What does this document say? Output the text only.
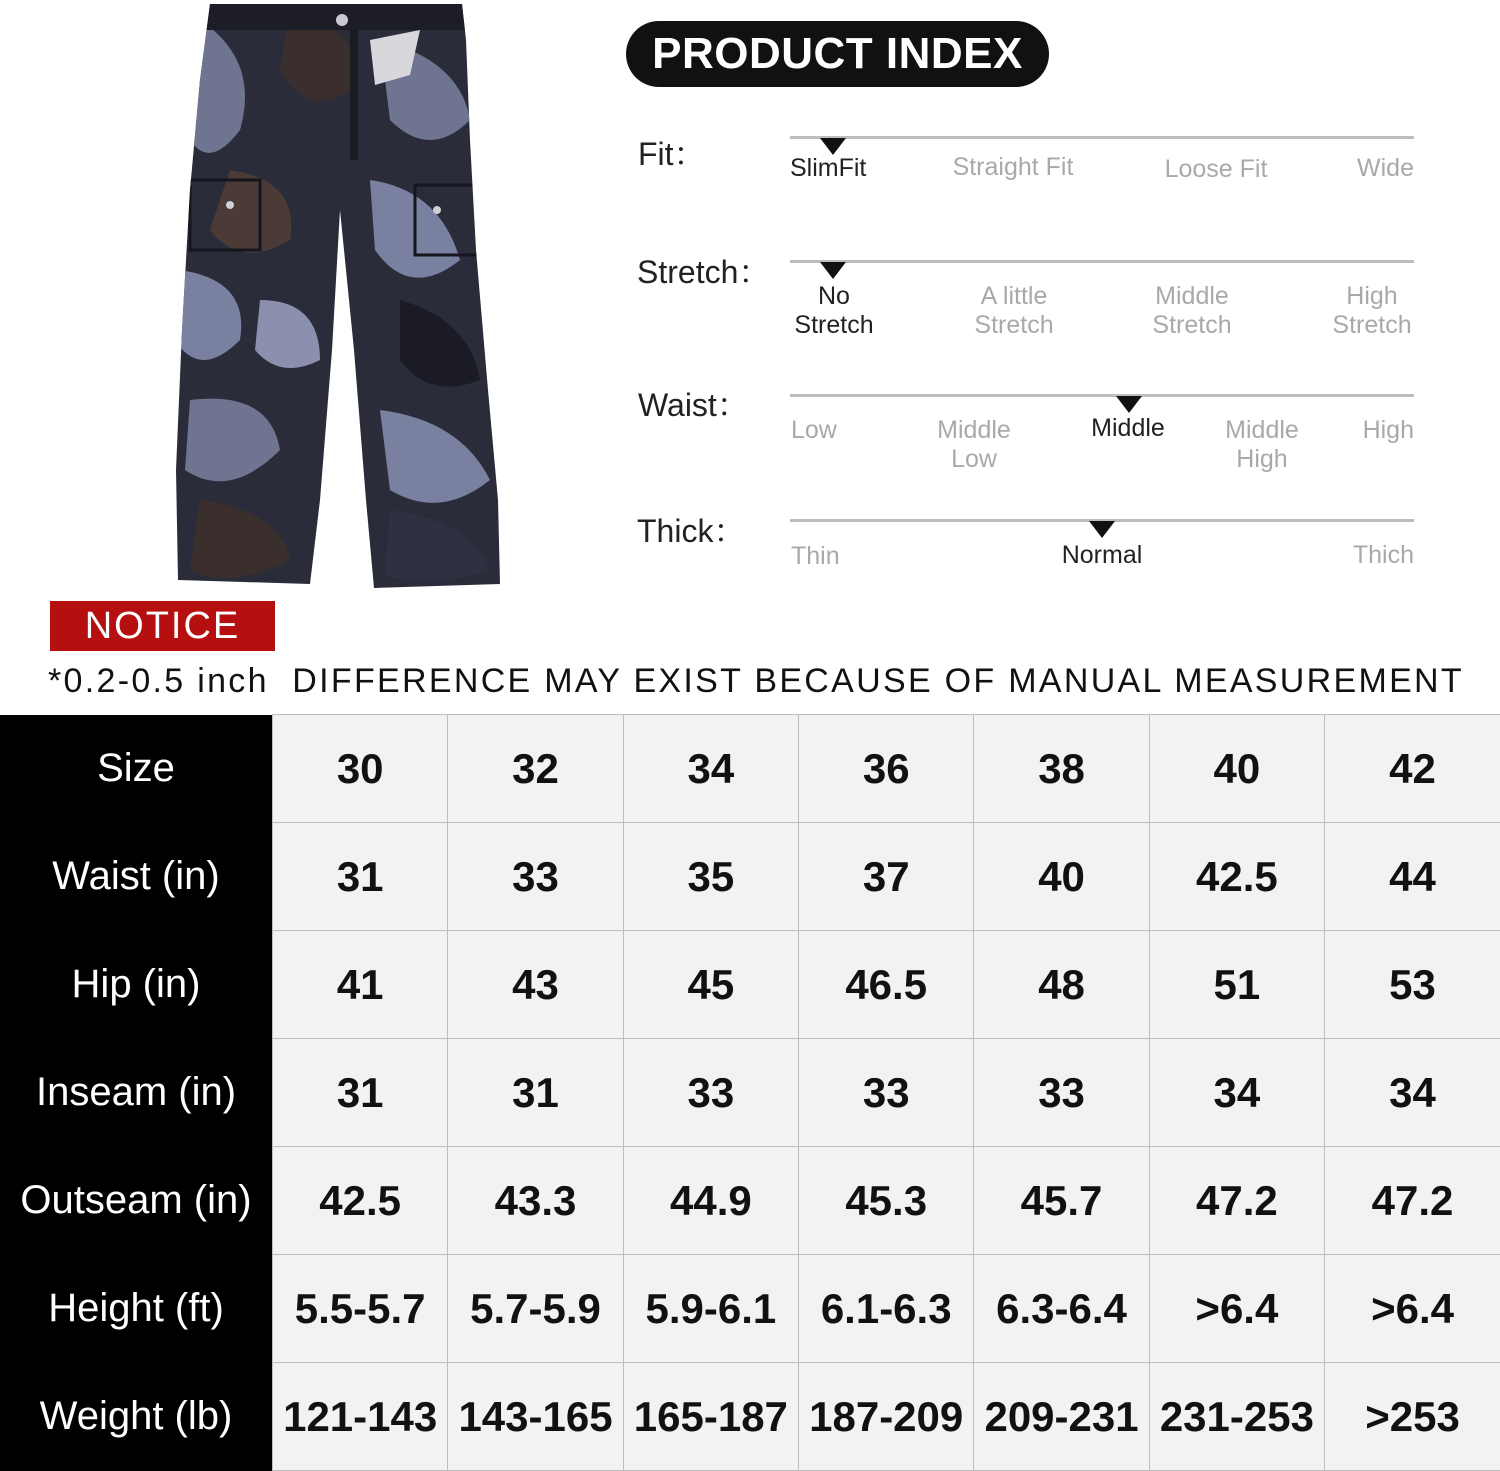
PRODUCT INDEX
Fit：	SlimFit	Straight Fit	Loose Fit	Wide
Stretch：
No
Stretch
A little
Stretch
Middle
Stretch
High
Stretch
Waist：
Low	Middle
Low
Middle Middle
High
High
Thick：
Thin	Normal	Thich
NOTICE
*0.2-0.5 inch  DIFFERENCE MAY EXIST BECAUSE OF MANUAL MEASUREMENT
Size	30	32	34	36	38	40	42
Waist (in)	31	33	35	37	40	42.5	44
Hip (in)	41	43	45	46.5	48	51	53
Inseam (in)	31	31	33	33	33	34	34
Outseam (in)	42.5	43.3	44.9	45.3	45.7	47.2	47.2
Height (ft)	5.5-5.7	5.7-5.9	5.9-6.1	6.1-6.3	6.3-6.4	>6.4	>6.4
Weight (lb)	121-143	143-165	165-187	187-209	209-231	231-253	>253
